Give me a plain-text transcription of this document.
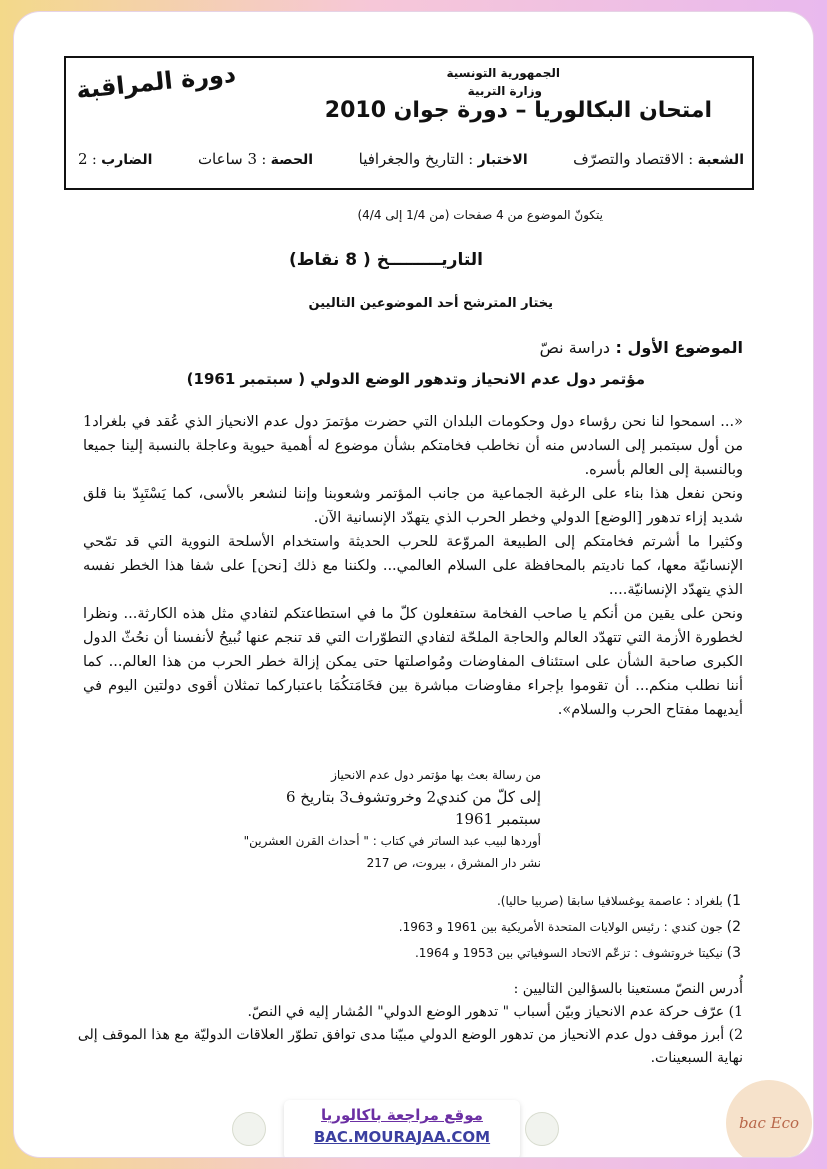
دورة المراقبة	الجمهورية التونسية
وزارة التربية
امتحان البكالوريا – دورة جوان 2010
الشعبة : الاقتصاد والتصرّف
الاختبار : التاريخ والجغرافيا
الحصة : 3 ساعات
الضارب : 2
يتكونّ الموضوع من 4 صفحات (من 1/4 إلى 4/4)
التاريـــــــــخ ( 8 نقاط)
يختار المترشح أحد الموضوعين التاليين
الموضوع الأول : دراسة نصّ
مؤتمر دول عدم الانحياز وتدهور الوضع الدولي ( سبتمبر 1961)

«... اسمحوا لنا نحن رؤساء دول وحكومات البلدان التي حضرت مؤتمرَ دول عدم الانحياز الذي عُقد في بلغراد1 من أول سبتمبر إلى السادس منه أن نخاطب فخامتكم بشأن موضوع له أهمية حيوية وعاجلة بالنسبة إلينا جميعا وبالنسبة إلى العالم بأسره.

ونحن نفعل هذا بناء على الرغبة الجماعية من جانب المؤتمر وشعوبنا وإننا لنشعر بالأسى، كما يَسْتَبِدّ بنا قلق شديد إزاء تدهور [الوضع] الدولي وخطر الحرب الذي يتهدّد الإنسانية الآن.

وكثيرا ما أشرتم فخامتكم إلى الطبيعة المروّعة للحرب الحديثة واستخدام الأسلحة النووية التي قد تمّحي الإنسانيّة معها، كما ناديتم بالمحافظة على السلام العالمي... ولكننا مع ذلك [نحن] على شفا هذا الخطر نفسه الذي يتهدّد الإنسانيّة....

ونحن على يقين من أنكم يا صاحب الفخامة ستفعلون كلّ ما في استطاعتكم لتفادي مثل هذه الكارثة... ونظرا لخطورة الأزمة التي تتهدّد العالم والحاجة الملحّة لتفادي التطوّرات التي قد تنجم عنها نُبيحُ لأنفسنا أن نحُثّ الدول الكبرى صاحبة الشأن على استئناف المفاوضات ومُواصلتها حتى يمكن إزالة خطر الحرب من هذا العالم... كما أننا نطلب منكم... أن تقوموا بإجراء مفاوضات مباشرة بين فخَامَتكُمَا باعتباركما تمثلان أقوى دولتين اليوم في أيديهما مفتاح الحرب والسلام».

من رسالة بعث بها مؤتمر دول عدم الانحياز
إلى كلّ من كندي2 وخروتشوف3 بتاريخ 6 سبتمبر 1961
أوردها لبيب عبد الساتر في كتاب : " أحداث القرن العشرين"
نشر دار المشرق ، بيروت، ص 217
1) بلغراد : عاصمة يوغسلافيا سابقا (صربيا حاليا).
2) جون كندي : رئيس الولايات المتحدة الأمريكية بين 1961 و 1963.
3) نيكيتا خروتشوف : تزعّم الاتحاد السوفياتي بين 1953 و 1964.

أُدرس النصّ مستعينا بالسؤالين التاليين :

1) عرّف حركة عدم الانحياز وبيّن أسباب " تدهور الوضع الدولي" المُشار إليه في النصّ.

2) أبرز موقف دول عدم الانحياز من تدهور الوضع الدولي مبيّنا مدى توافق تطوّر العلاقات الدوليّة مع هذا الموقف إلى نهاية السبعينات.

موقع مراجعة باكالوريا
BAC.MOURAJAA.COM
bac Eco
